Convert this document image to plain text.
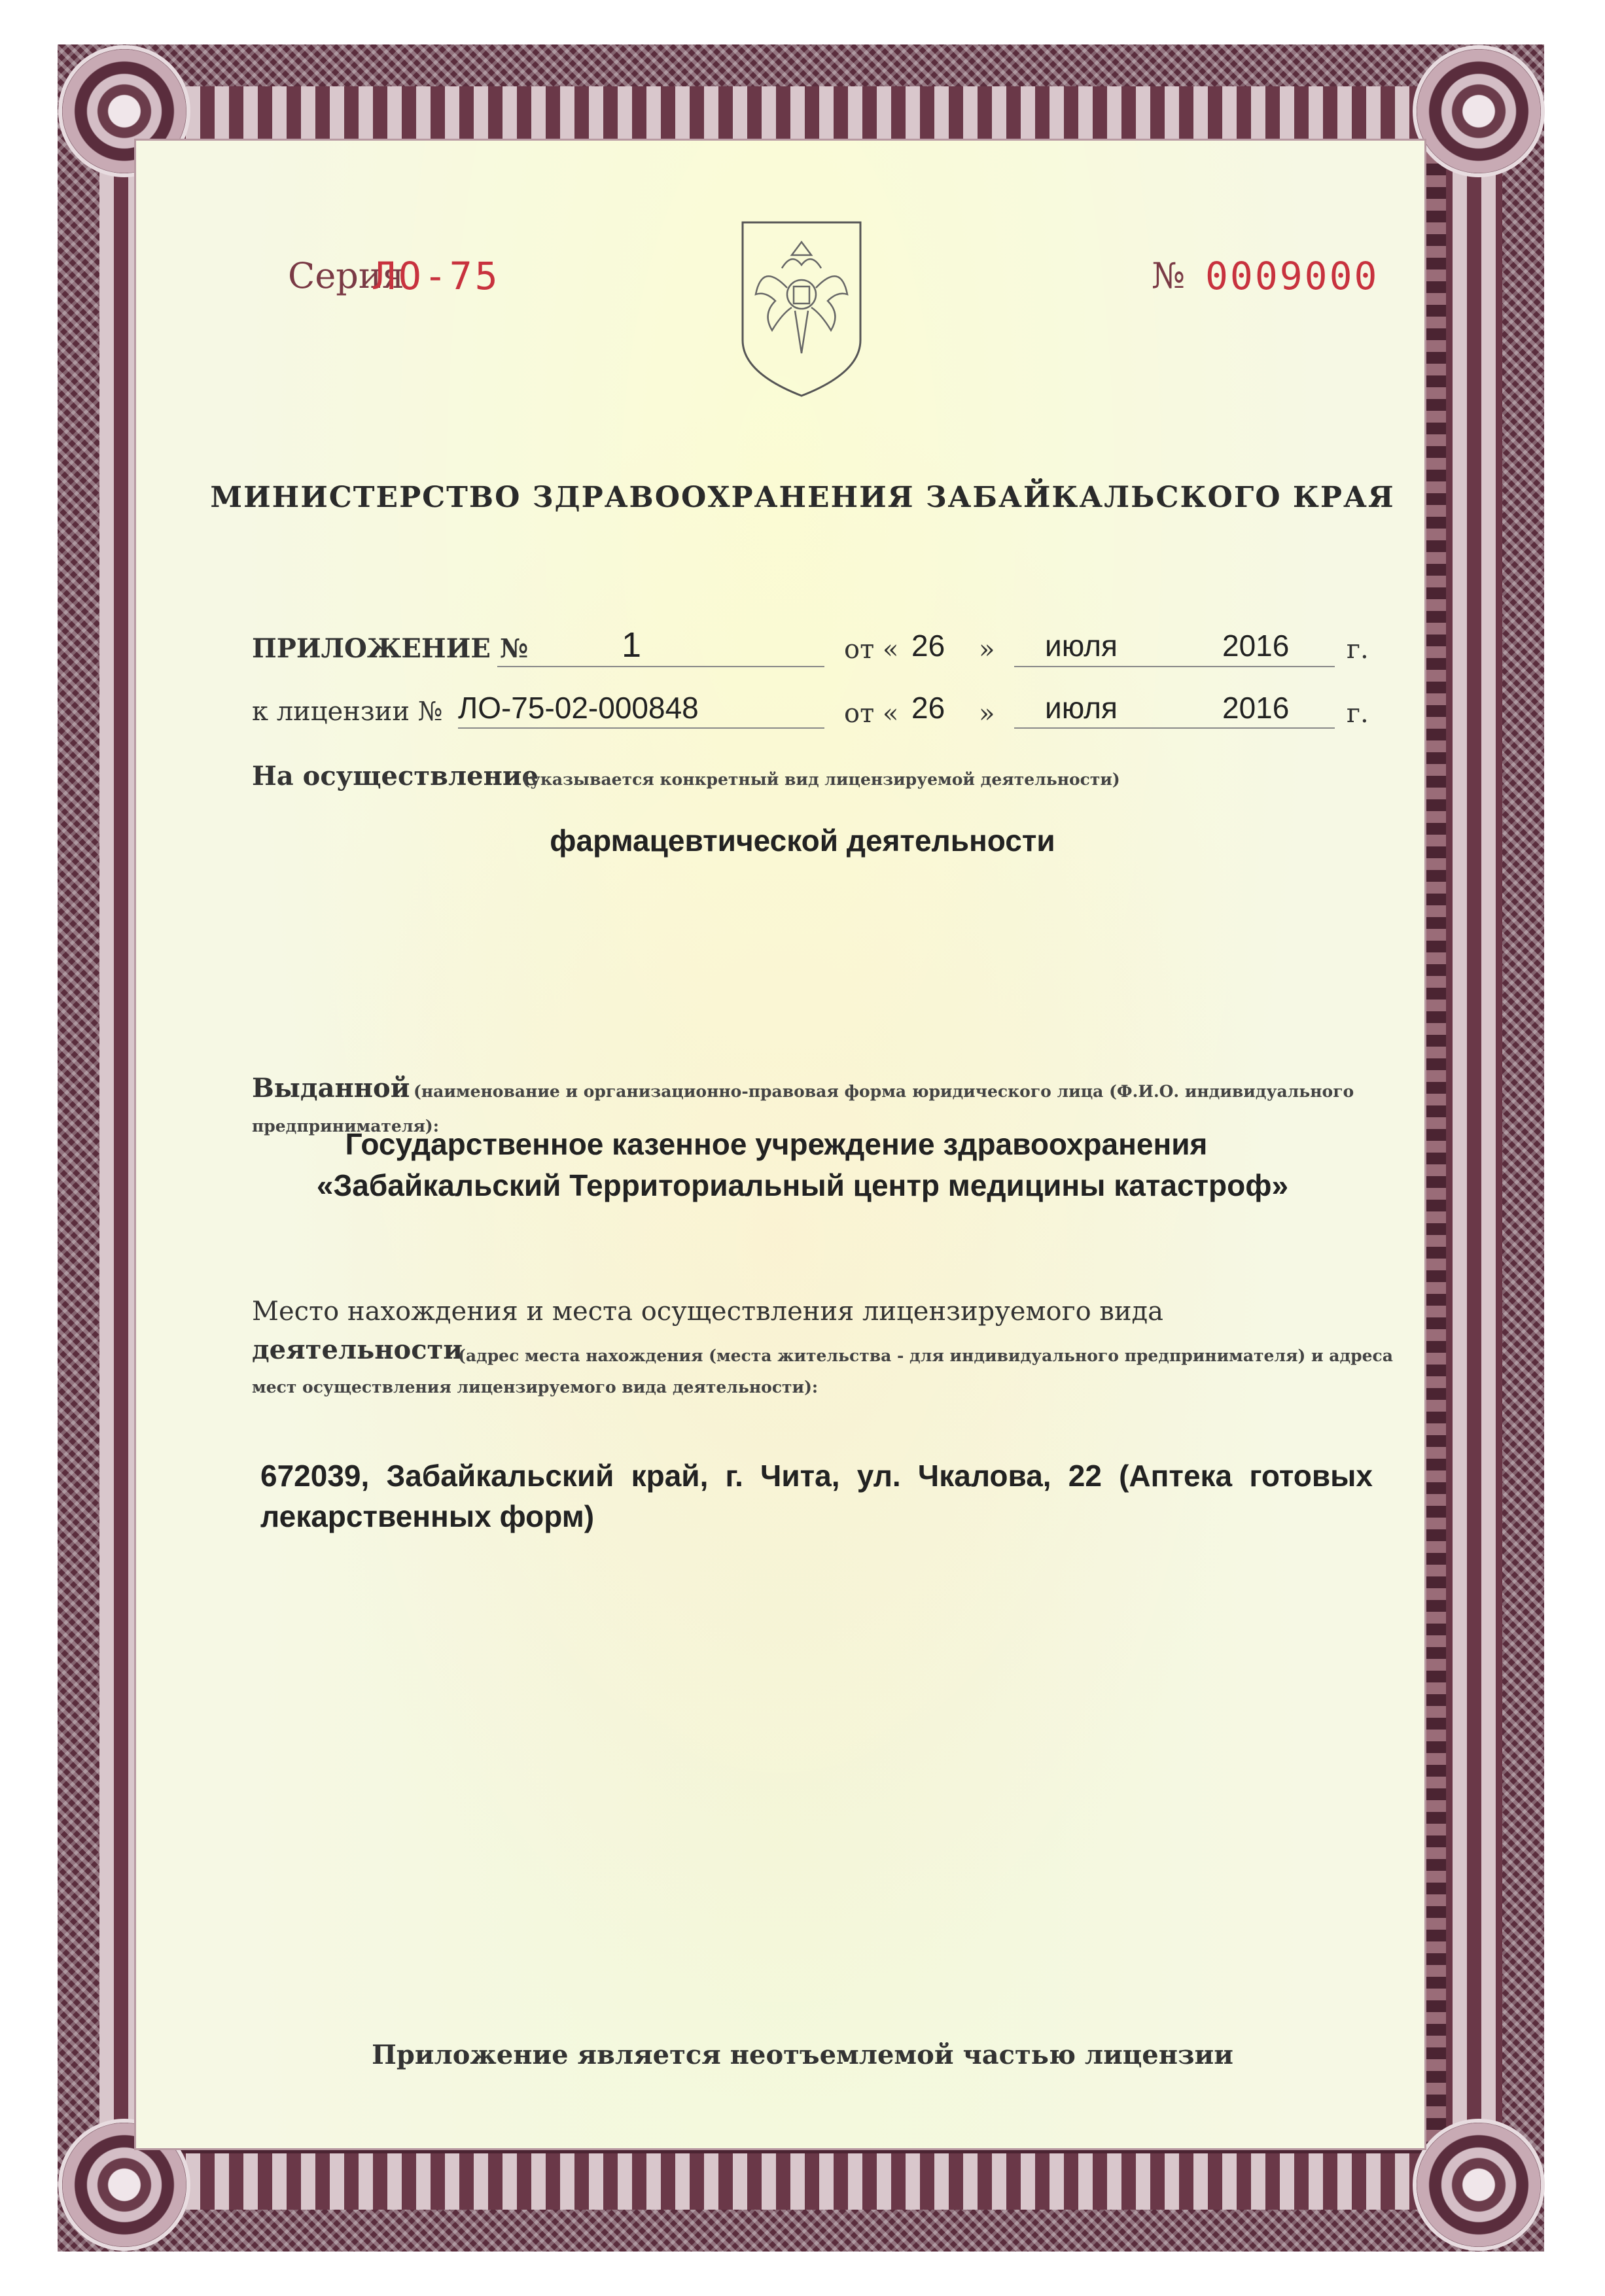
Серия
ЛО-75	№ 0009000
МИНИСТЕРСТВО ЗДРАВООХРАНЕНИЯ ЗАБАЙКАЛЬСКОГО КРАЯ
ПРИЛОЖЕНИЕ №	1	от « 26 » июля	2016 г.
к лицензии № ЛО-75-02-000848	от « 26 » июля	2016 г.
На осуществление
(указывается конкретный вид лицензируемой деятельности)
фармацевтической деятельности
Выданной (наименование и организационно-правовая форма юридического лица (Ф.И.О. индивидуального
предпринимателя):
Государственное казенное учреждение здравоохранения
«Забайкальский Территориальный центр медицины катастроф»
Место нахождения и места осуществления лицензируемого вида
деятельности
(адрес места нахождения (места жительства - для индивидуального предпринимателя) и адреса
мест осуществления лицензируемого вида деятельности):
672039, Забайкальский край, г. Чита, ул. Чкалова, 22 (Аптека готовых лекарственных форм)
Приложение является неотъемлемой частью лицензии
